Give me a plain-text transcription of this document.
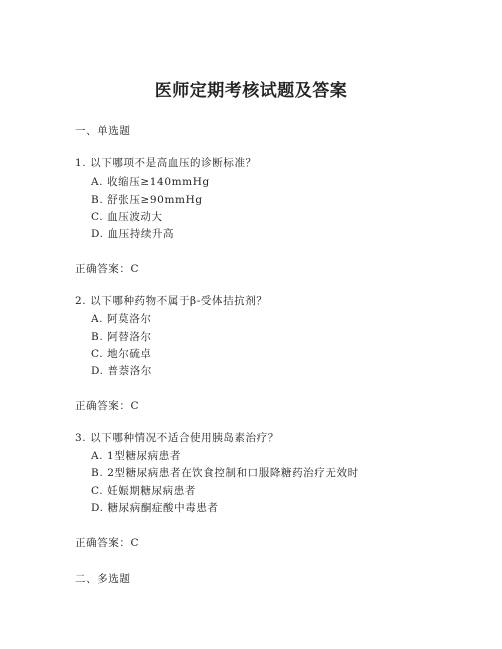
医师定期考核试题及答案
一、单选题
1. 以下哪项不是高血压的诊断标准？
A. 收缩压≥140mmHg
B. 舒张压≥90mmHg
C. 血压波动大
D. 血压持续升高
正确答案：C
2. 以下哪种药物不属于β-受体拮抗剂？
A. 阿莫洛尔
B. 阿替洛尔
C. 地尔硫卓
D. 普萘洛尔
正确答案：C
3. 以下哪种情况不适合使用胰岛素治疗？
A. 1型糖尿病患者
B. 2型糖尿病患者在饮食控制和口服降糖药治疗无效时
C. 妊娠期糖尿病患者
D. 糖尿病酮症酸中毒患者
正确答案：C
二、多选题
